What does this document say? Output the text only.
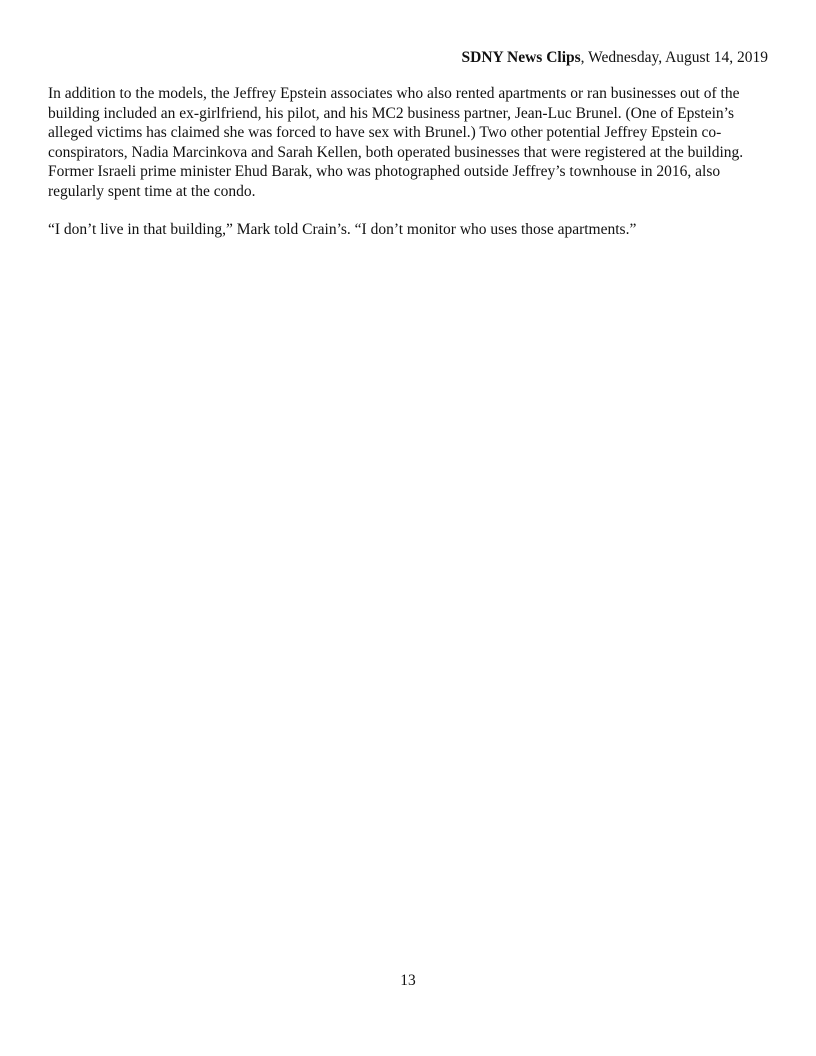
SDNY News Clips, Wednesday, August 14, 2019

In addition to the models, the Jeffrey Epstein associates who also rented apartments or ran businesses out of the building included an ex-girlfriend, his pilot, and his MC2 business partner, Jean-Luc Brunel. (One of Epstein’s alleged victims has claimed she was forced to have sex with Brunel.) Two other potential Jeffrey Epstein co-conspirators, Nadia Marcinkova and Sarah Kellen, both operated businesses that were registered at the building. Former Israeli prime minister Ehud Barak, who was photographed outside Jeffrey’s townhouse in 2016, also regularly spent time at the condo.

“I don’t live in that building,” Mark told Crain’s. “I don’t monitor who uses those apartments.”

13
